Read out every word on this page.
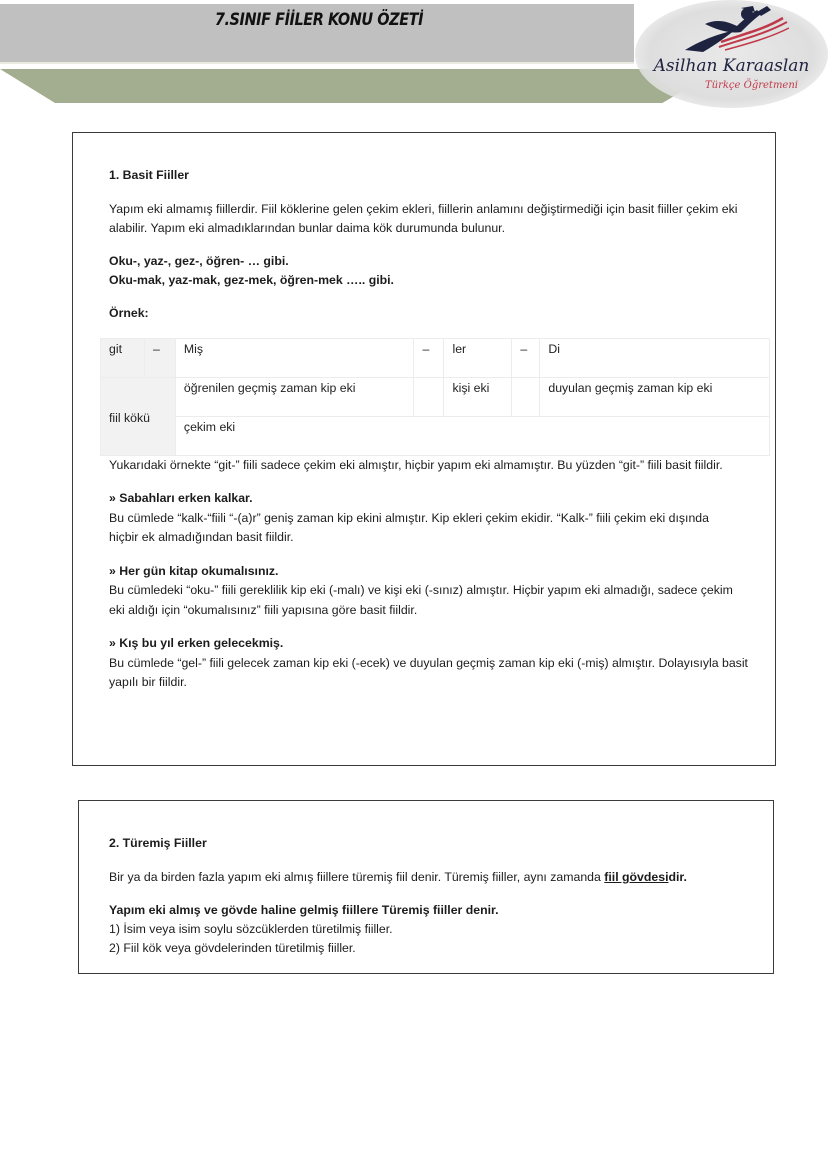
7.SINIF FİİLER KONU ÖZETİ
Asilhan Karaaslan
Türkçe Öğretmeni
1. Basit Fiiller
Yapım eki almamış fiillerdir. Fiil köklerine gelen çekim ekleri, fiillerin anlamını değiştirmediği için basit fiiller çekim eki
alabilir. Yapım eki almadıklarından bunlar daima kök durumunda bulunur.
Oku-, yaz-, gez-, öğren- … gibi.
Oku-mak, yaz-mak, gez-mek, öğren-mek ….. gibi.
Örnek:
git	–	Miş	–	ler	–	Di
fiil kökü		öğrenilen geçmiş zaman kip eki		kişi eki		duyulan geçmiş zaman kip eki
		çekim eki				
Yukarıdaki örnekte “git-” fiili sadece çekim eki almıştır, hiçbir yapım eki almamıştır. Bu yüzden “git-” fiili basit fiildir.
» Sabahları erken kalkar.
Bu cümlede “kalk-“fiili “-(a)r” geniş zaman kip ekini almıştır. Kip ekleri çekim ekidir. “Kalk-” fiili çekim eki dışında
hiçbir ek almadığından basit fiildir.
» Her gün kitap okumalısınız.
Bu cümledeki “oku-” fiili gereklilik kip eki (-malı) ve kişi eki (-sınız) almıştır. Hiçbir yapım eki almadığı, sadece çekim
eki aldığı için “okumalısınız” fiili yapısına göre basit fiildir.
» Kış bu yıl erken gelecekmiş.
Bu cümlede “gel-” fiili gelecek zaman kip eki (-ecek) ve duyulan geçmiş zaman kip eki (-miş) almıştır. Dolayısıyla basit
yapılı bir fiildir.
2. Türemiş Fiiller
Bir ya da birden fazla yapım eki almış fiillere türemiş fiil denir. Türemiş fiiller, aynı zamanda fiil gövdesidir.
Yapım eki almış ve gövde haline gelmiş fiillere Türemiş fiiller denir.
1) İsim veya isim soylu sözcüklerden türetilmiş fiiller.
2) Fiil kök veya gövdelerinden türetilmiş fiiller.
